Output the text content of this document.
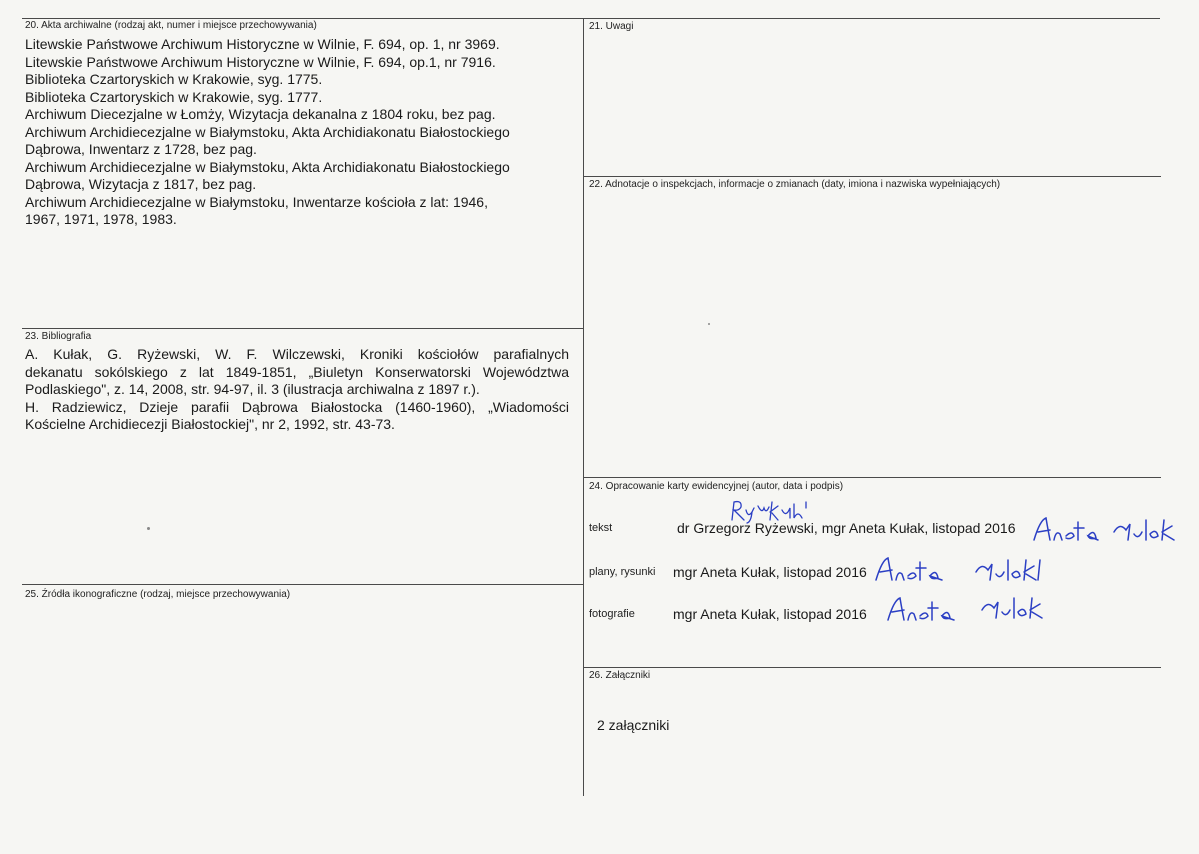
20. Akta archiwalne (rodzaj akt, numer i miejsce przechowywania)
Litewskie Państwowe Archiwum Historyczne w Wilnie, F. 694, op. 1, nr 3969.
Litewskie Państwowe Archiwum Historyczne w Wilnie, F. 694, op.1, nr 7916.
Biblioteka Czartoryskich w Krakowie, syg. 1775.
Biblioteka Czartoryskich w Krakowie, syg. 1777.
Archiwum Diecezjalne w Łomży, Wizytacja dekanalna z 1804 roku, bez pag.
Archiwum Archidiecezjalne w Białymstoku, Akta Archidiakonatu Białostockiego
Dąbrowa, Inwentarz z 1728, bez pag.
Archiwum Archidiecezjalne w Białymstoku, Akta Archidiakonatu Białostockiego
Dąbrowa, Wizytacja z 1817, bez pag.
Archiwum Archidiecezjalne w Białymstoku, Inwentarze kościoła z lat: 1946,
1967, 1971, 1978, 1983.
21. Uwagi
22. Adnotacje o inspekcjach, informacje o zmianach (daty, imiona i nazwiska wypełniających)
23. Bibliografia
A. Kułak, G. Ryżewski, W. F. Wilczewski, Kroniki kościołów parafialnych
dekanatu sokólskiego z lat 1849-1851, „Biuletyn Konserwatorski Województwa
Podlaskiego", z. 14, 2008, str. 94-97, il. 3 (ilustracja archiwalna z 1897 r.).
H. Radziewicz, Dzieje parafii Dąbrowa Białostocka (1460-1960), „Wiadomości
Kościelne Archidiecezji Białostockiej", nr 2, 1992, str. 43-73.
24. Opracowanie karty ewidencyjnej (autor, data i podpis)
tekst	dr Grzegorz Ryżewski, mgr Aneta Kułak, listopad 2016
plany, rysunki mgr Aneta Kułak, listopad 2016
fotografie	mgr Aneta Kułak, listopad 2016
25. Źródła ikonograficzne (rodzaj, miejsce przechowywania)
26. Załączniki
2 załączniki
